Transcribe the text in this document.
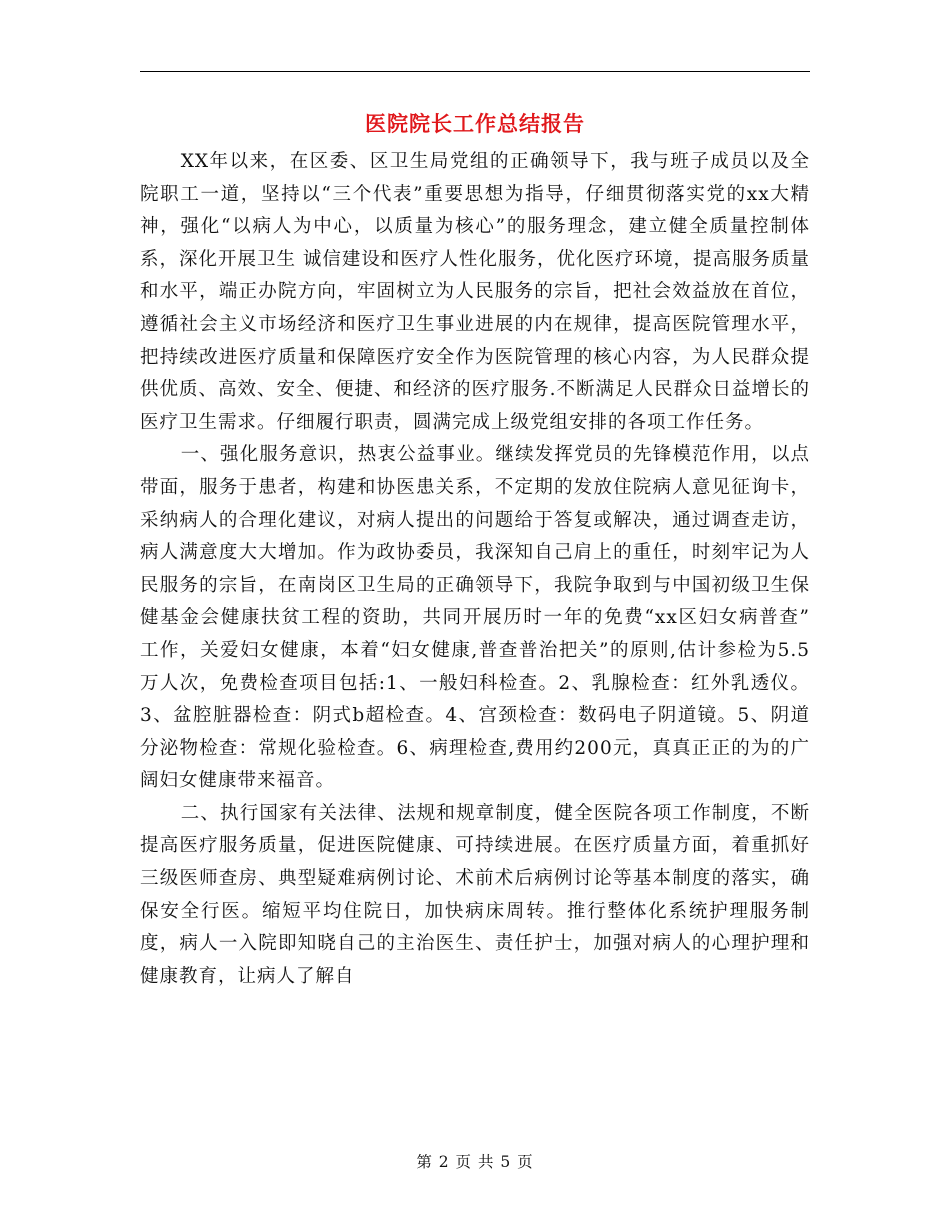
医院院长工作总结报告

XX年以来，在区委、区卫生局党组的正确领导下，我与班子成员以及全院职工一道，坚持以“三个代表”重要思想为指导，仔细贯彻落实党的xx大精神，强化“以病人为中心，以质量为核心”的服务理念，建立健全质量控制体系，深化开展卫生 诚信建设和医疗人性化服务，优化医疗环境，提高服务质量和水平，端正办院方向，牢固树立为人民服务的宗旨，把社会效益放在首位，遵循社会主义市场经济和医疗卫生事业进展的内在规律，提高医院管理水平，把持续改进医疗质量和保障医疗安全作为医院管理的核心内容，为人民群众提供优质、高效、安全、便捷、和经济的医疗服务.不断满足人民群众日益增长的医疗卫生需求。仔细履行职责，圆满完成上级党组安排的各项工作任务。

一、强化服务意识，热衷公益事业。继续发挥党员的先锋模范作用，以点带面，服务于患者，构建和协医患关系，不定期的发放住院病人意见征询卡，采纳病人的合理化建议，对病人提出的问题给于答复或解决，通过调查走访，病人满意度大大增加。作为政协委员，我深知自己肩上的重任，时刻牢记为人民服务的宗旨，在南岗区卫生局的正确领导下，我院争取到与中国初级卫生保健基金会健康扶贫工程的资助，共同开展历时一年的免费“xx区妇女病普查” 工作，关爱妇女健康，本着“妇女健康,普查普治把关”的原则,估计参检为5.5万人次，免费检查项目包括:1、一般妇科检查。2、乳腺检查：红外乳透仪。 3、盆腔脏器检查：阴式b超检查。4、宫颈检查：数码电子阴道镜。5、阴道分泌物检查：常规化验检查。6、病理检查,费用约200元，真真正正的为的广阔妇女健康带来福音。

二、执行国家有关法律、法规和规章制度，健全医院各项工作制度，不断提高医疗服务质量，促进医院健康、可持续进展。在医疗质量方面，着重抓好三级医师查房、典型疑难病例讨论、术前术后病例讨论等基本制度的落实，确保安全行医。缩短平均住院日，加快病床周转。推行整体化系统护理服务制度，病人一入院即知晓自己的主治医生、责任护士，加强对病人的心理护理和健康教育，让病人了解自

第 2 页 共 5 页
